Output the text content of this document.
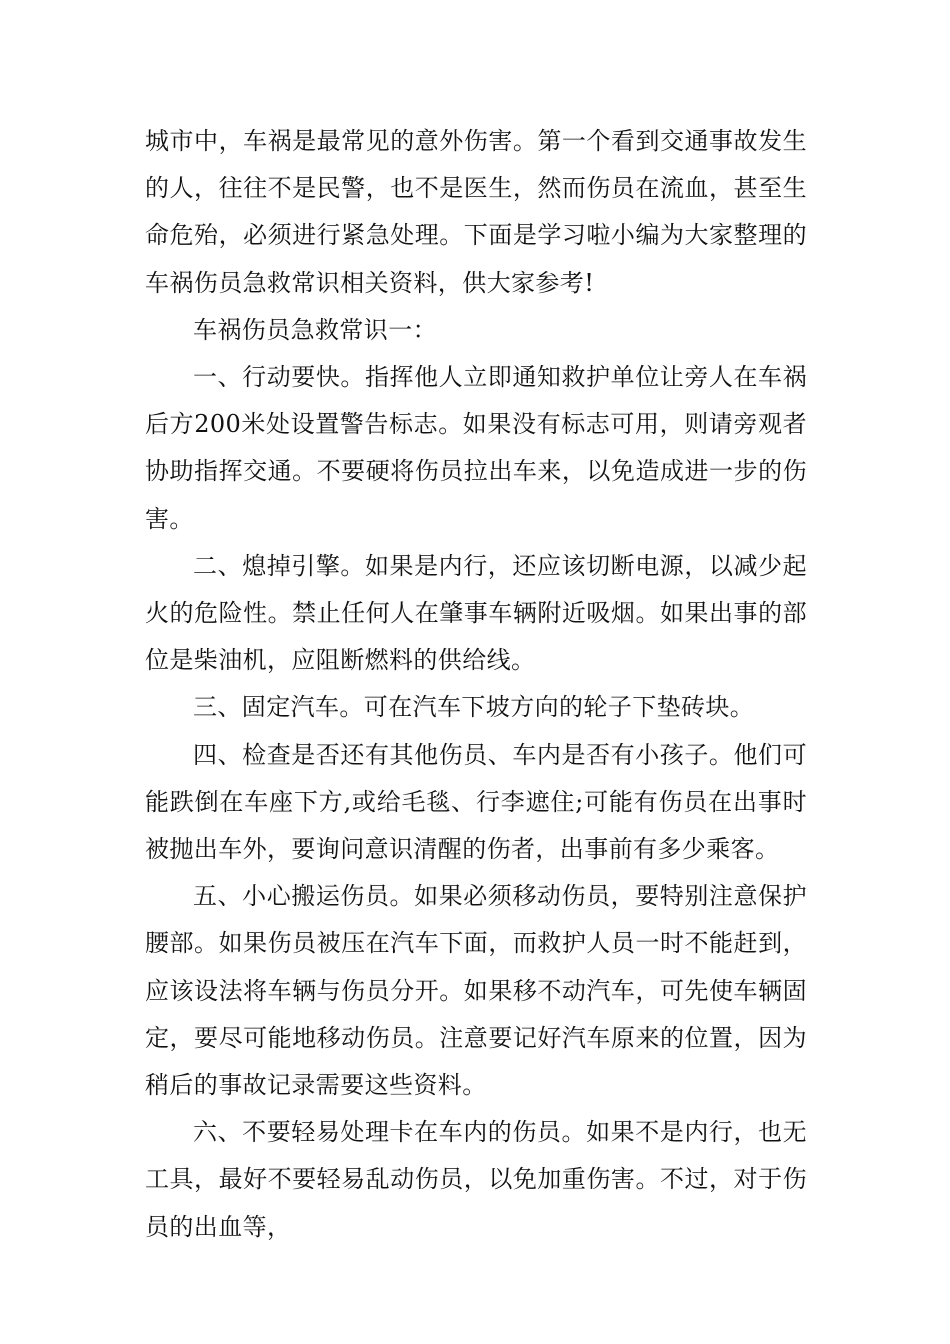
城市中，车祸是最常见的意外伤害。第一个看到交通事故发生的人，往往不是民警，也不是医生，然而伤员在流血，甚至生命危殆，必须进行紧急处理。下面是学习啦小编为大家整理的车祸伤员急救常识相关资料，供大家参考!

车祸伤员急救常识一：

一、行动要快。指挥他人立即通知救护单位让旁人在车祸后方200米处设置警告标志。如果没有标志可用，则请旁观者协助指挥交通。不要硬将伤员拉出车来，以免造成进一步的伤害。

二、熄掉引擎。如果是内行，还应该切断电源，以减少起火的危险性。禁止任何人在肇事车辆附近吸烟。如果出事的部位是柴油机，应阻断燃料的供给线。

三、固定汽车。可在汽车下坡方向的轮子下垫砖块。

四、检查是否还有其他伤员、车内是否有小孩子。他们可能跌倒在车座下方,或给毛毯、行李遮住;可能有伤员在出事时被抛出车外，要询问意识清醒的伤者，出事前有多少乘客。

五、小心搬运伤员。如果必须移动伤员，要特别注意保护腰部。如果伤员被压在汽车下面，而救护人员一时不能赶到，应该设法将车辆与伤员分开。如果移不动汽车，可先使车辆固定，要尽可能地移动伤员。注意要记好汽车原来的位置，因为稍后的事故记录需要这些资料。

六、不要轻易处理卡在车内的伤员。如果不是内行，也无工具，最好不要轻易乱动伤员，以免加重伤害。不过，对于伤员的出血等，
